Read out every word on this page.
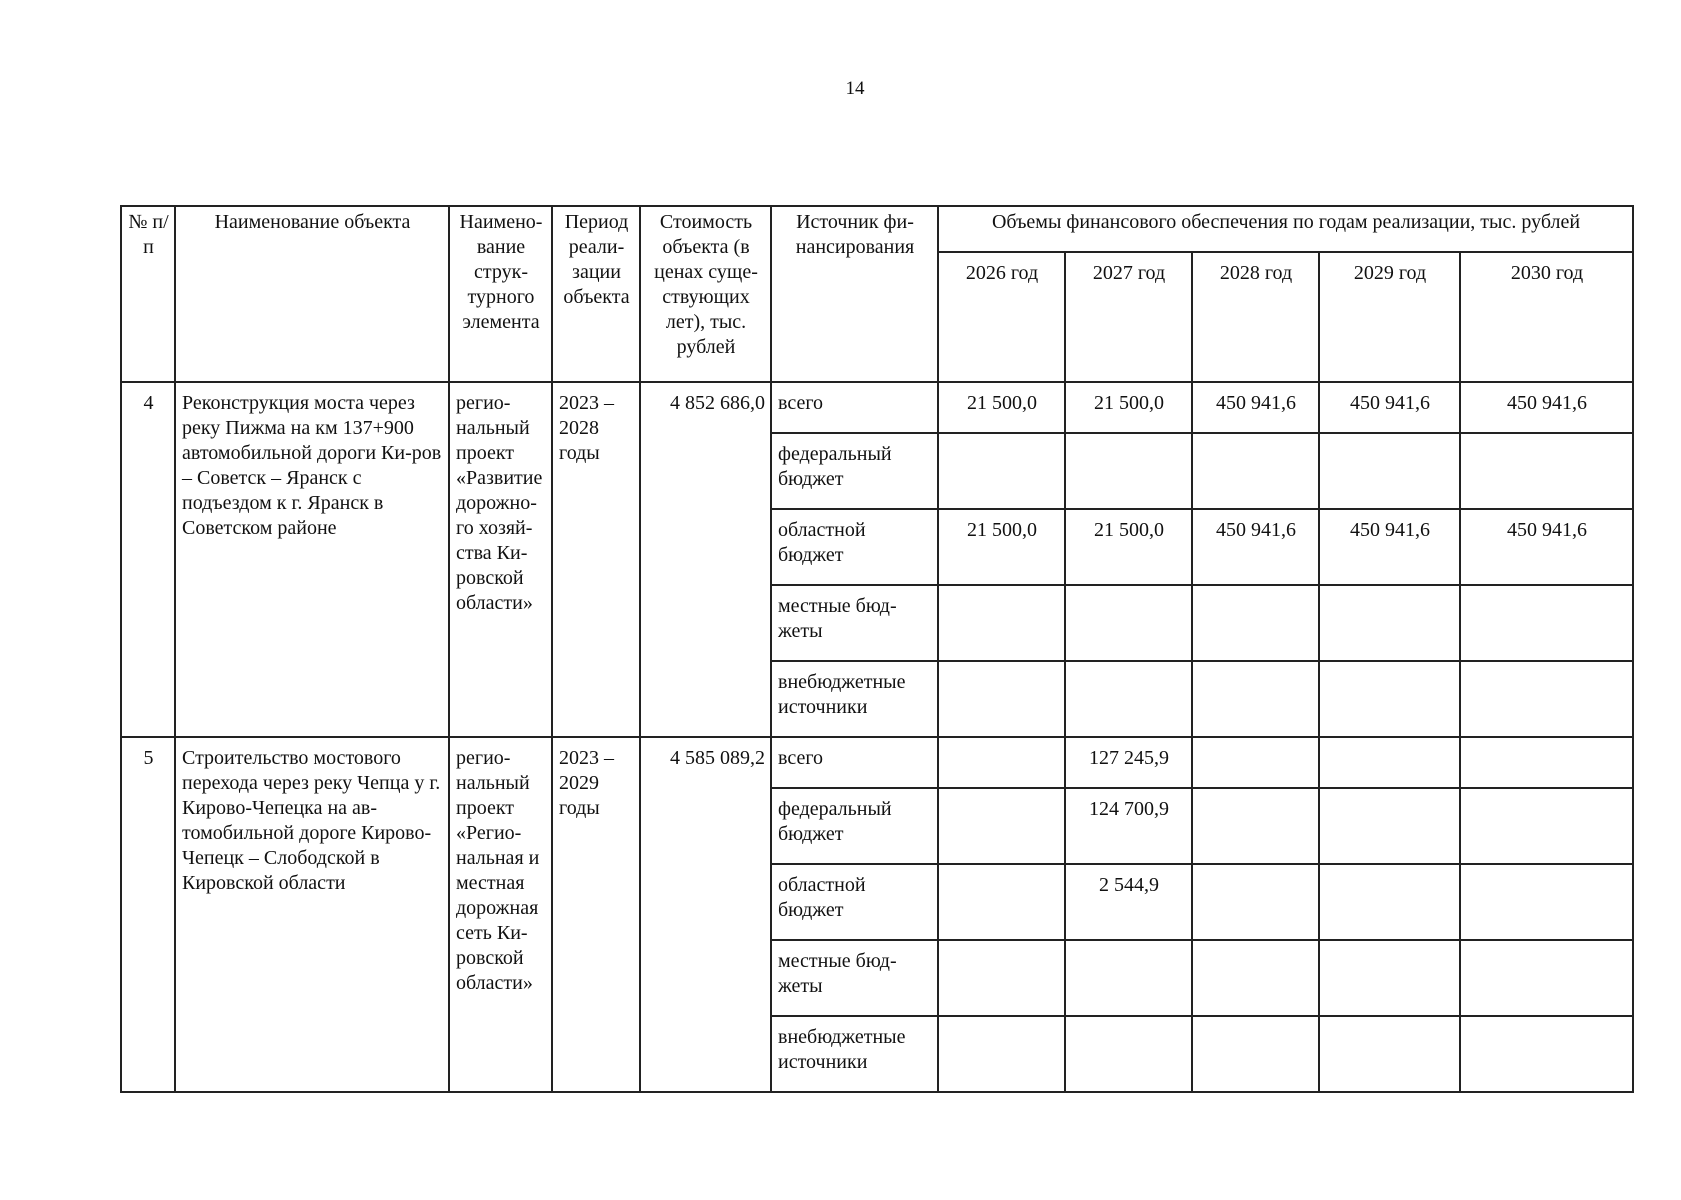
14
№ п/п	Наименование объекта	Наимено-вание струк-турного элемента	Период реали-зации объекта	Стоимость объекта (в ценах суще-ствующих лет), тыс. рублей	Источник фи-нансирования	Объемы финансового обеспечения по годам реализации, тыс. рублей				
						2026 год	2027 год	2028 год	2029 год	2030 год
4	Реконструкция моста через реку Пижма на км 137+900 автомобильной дороги Ки-ров – Советск – Яранск с подъездом к г. Яранск в Советском районе	регио-нальный проект «Развитие дорожно-го хозяй-ства Ки-ровской области»	2023 – 2028 годы	4 852 686,0	всего	21 500,0	21 500,0	450 941,6	450 941,6	450 941,6
					федеральный бюджет					
					областной бюджет	21 500,0	21 500,0	450 941,6	450 941,6	450 941,6
					местные бюд-жеты					
					внебюджетные источники					
5	Строительство мостового перехода через реку Чепца у г. Кирово-Чепецка на ав-томобильной дороге Кирово-Чепецк – Слободской в Кировской области	регио-нальный проект «Регио-нальная и местная дорожная сеть Ки-ровской области»	2023 – 2029 годы	4 585 089,2	всего		127 245,9			
					федеральный бюджет		124 700,9			
					областной бюджет		2 544,9			
					местные бюд-жеты					
					внебюджетные источники					
